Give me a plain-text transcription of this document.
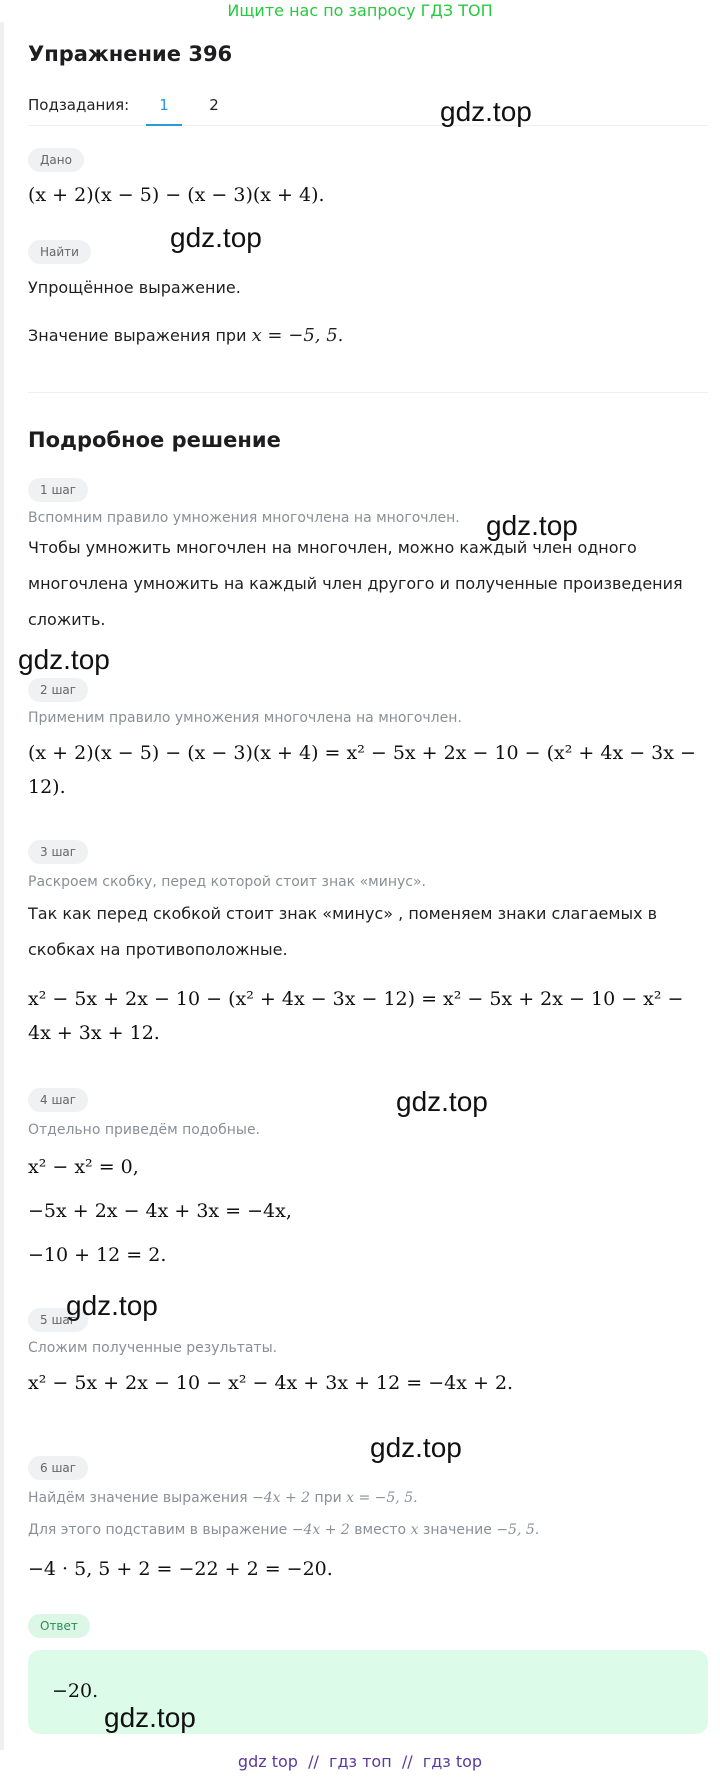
Ищите нас по запросу ГДЗ ТОП
Упражнение 396
Подзадания:	1	2
Дано
(x + 2)(x − 5) − (x − 3)(x + 4).
Найти
Упрощённое выражение.
Значение выражения при x = −5, 5.
Подробное решение
1 шаг
Вспомним правило умножения многочлена на многочлен.
Чтобы умножить многочлен на многочлен, можно каждый член одного многочлена умножить на каждый член другого и полученные произведения сложить.
2 шаг
Применим правило умножения многочлена на многочлен.
(x + 2)(x − 5) − (x − 3)(x + 4) = x² − 5x + 2x − 10 − (x² + 4x − 3x −
12).
3 шаг
Раскроем скобку, перед которой стоит знак «минус».
Так как перед скобкой стоит знак «минус» , поменяем знаки слагаемых в скобках на противоположные.
x² − 5x + 2x − 10 − (x² + 4x − 3x − 12) = x² − 5x + 2x − 10 − x² −
4x + 3x + 12.
4 шаг
Отдельно приведём подобные.
x² − x² = 0,
−5x + 2x − 4x + 3x = −4x,
−10 + 12 = 2.
5 шаг
Сложим полученные результаты.
x² − 5x + 2x − 10 − x² − 4x + 3x + 12 = −4x + 2.
6 шаг
Найдём значение выражения −4x + 2 при x = −5, 5.
Для этого подставим в выражение −4x + 2 вместо x значение −5, 5.
−4 · 5, 5 + 2 = −22 + 2 = −20.
Ответ
−20.
gdz.top
gdz.top
gdz.top
gdz.top
gdz.top
gdz.top
gdz.top
gdz.top
gdz top  //  гдз топ  //  гдз top
